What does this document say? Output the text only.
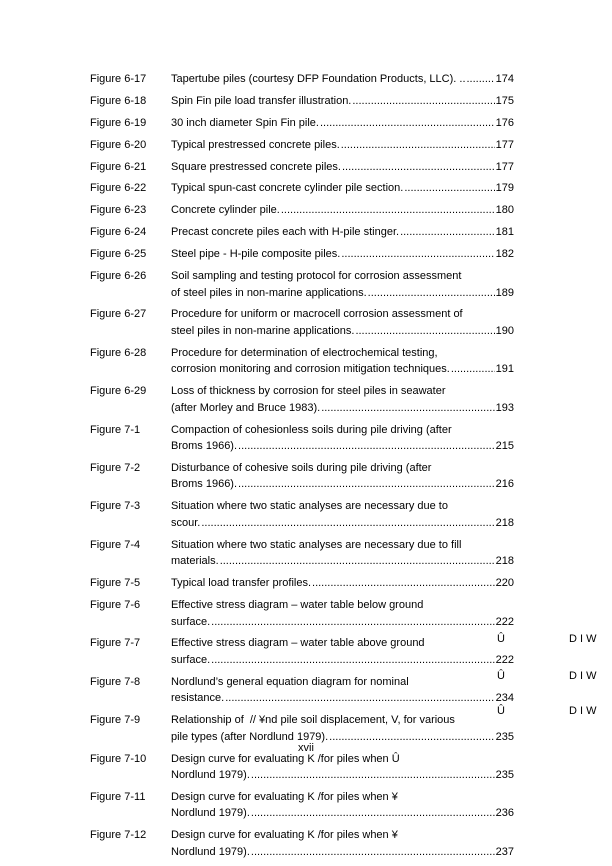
Figure 6-17	Tapertube piles (courtesy DFP Foundation Products, LLC). .. .....	174
Figure 6-18	Spin Fin pile load transfer illustration. .....	175
Figure 6-19	30 inch diameter Spin Fin pile. .....	176
Figure 6-20	Typical prestressed concrete piles. .....	177
Figure 6-21	Square prestressed concrete piles. .....	177
Figure 6-22	Typical spun-cast concrete cylinder pile section. .....	179
Figure 6-23	Concrete cylinder pile. .....	180
Figure 6-24	Precast concrete piles each with H-pile stinger. .....	181
Figure 6-25	Steel pipe - H-pile composite piles. .....	182
Figure 6-26	Soil sampling and testing protocol for corrosion assessment
of steel piles in non-marine applications. .....	189
Figure 6-27	Procedure for uniform or macrocell corrosion assessment of
steel piles in non-marine applications. .....	190
Figure 6-28	Procedure for determination of electrochemical testing,
corrosion monitoring and corrosion mitigation techniques. .....	191
Figure 6-29	Loss of thickness by corrosion for steel piles in seawater
(after Morley and Bruce 1983). .....	193
Figure 7-1	Compaction of cohesionless soils during pile driving (after
Broms 1966). .....	215
Figure 7-2	Disturbance of cohesive soils during pile driving (after
Broms 1966). .....	216
Figure 7-3	Situation where two static analyses are necessary due to
scour. .....	218
Figure 7-4	Situation where two static analyses are necessary due to fill
materials. .....	218
Figure 7-5	Typical load transfer profiles. .....	220
Figure 7-6	Effective stress diagram – water table below ground
surface. .....	222
Figure 7-7	Effective stress diagram – water table above ground
surface. .....	222
Figure 7-8	Nordlund’s general equation diagram for nominal
resistance. .....	234
Figure 7-9	Relationship of  // ¥nd pile soil displacement, V, for various
pile types (after Nordlund 1979). .....	235
Figure 7-10	Design curve for evaluating K /for piles when Û
Nordlund 1979). .....	235
Figure 7-11	Design curve for evaluating K /for piles when ¥
Nordlund 1979). .....	236
Figure 7-12	Design curve for evaluating K /for piles when ¥
Nordlund 1979). .....	237
Û	D I W
Û	D I W
Û	D I W
xvii
